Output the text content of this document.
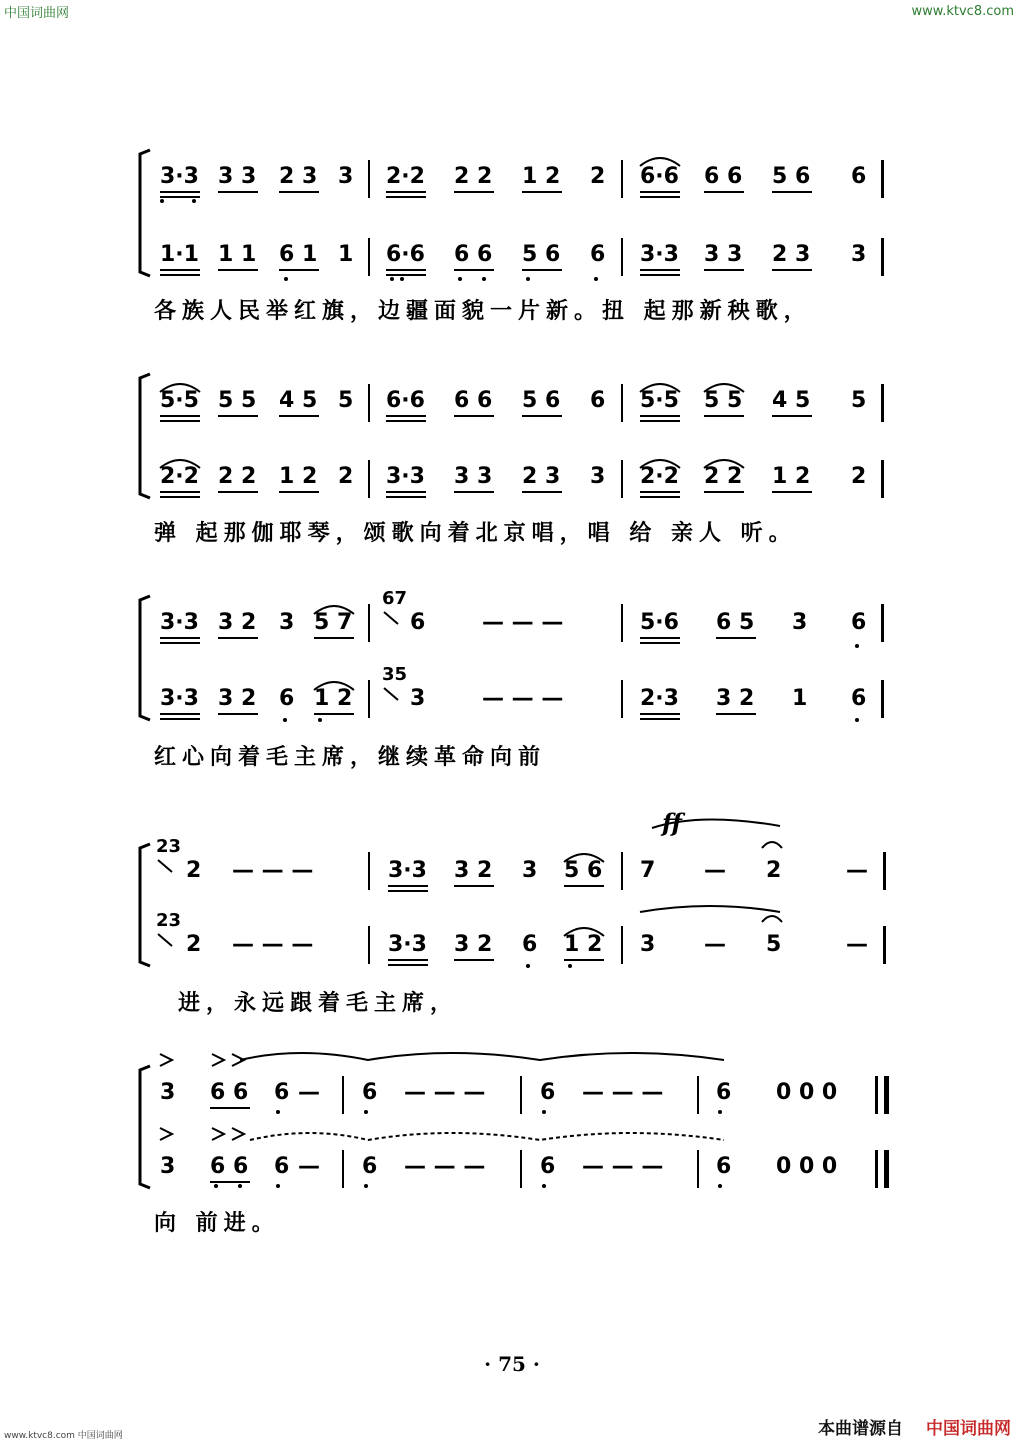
中国词曲网	www.ktvc8.com
3·3 3 3 2 3 3 2·2 2 2 1 2 2 6·6 6 6 5 6 6
1·1 1 1 6 1 1 6·6 6 6 5 6 6 3·3 3 3 2 3 3
各族人民举红旗，边疆面貌一片新。扭 起那新秧歌，
5·5 5 5 4 5 5 6·6 6 6 5 6 6 5·5 5 5 4 5 5
2·2 2 2 1 2 2 3·3 3 3 2 3 3 2·2 2 2 1 2 2
弹 起那伽耶琴，颂歌向着北京唱，唱 给 亲人 听。
3·3 3 2 3 5 7
67
6	— — —	5·6 6 5 3 6
3·3 3 2 6 1 2
35
3	— — —	2·3 3 2 1 6
红心向着毛主席，继续革命向前
ff
23
2 — — —	3·3 3 2 3 5 6 7 — 2	—
23
2 — — —	3·3 3 2 6 1 2 3 — 5	—
进，永远跟着毛主席，
3 6 6 6 — 6 — — — 6 — — — 6 0 0 0
3 6 6 6 — 6 — — — 6 — — — 6 0 0 0
向 前进。
· 75 ·
www.ktvc8.com 中国词曲网	本曲谱源自 中国词曲网
